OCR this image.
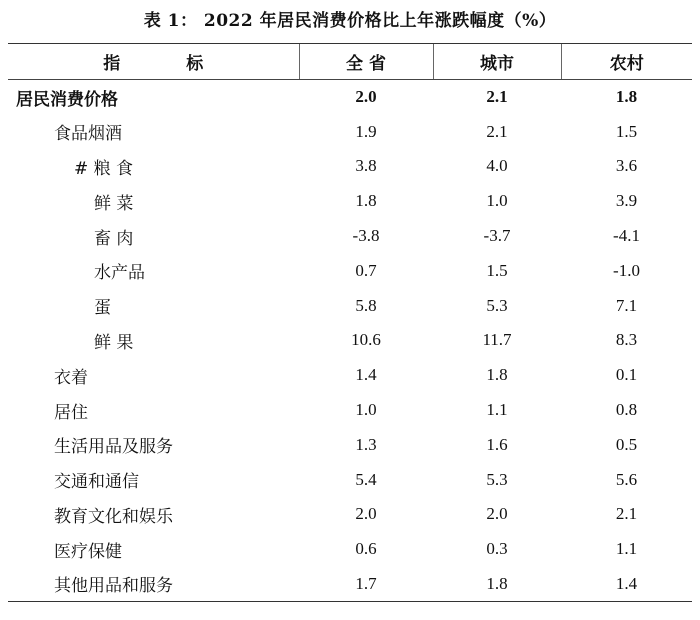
表 1： 2022 年居民消费价格比上年涨跌幅度（%）
指 标	全 省	城市	农村
居民消费价格	2.0	2.1	1.8
食品烟酒	1.9	2.1	1.5
# 粮 食	3.8	4.0	3.6
鲜 菜	1.8	1.0	3.9
畜 肉	-3.8	-3.7	-4.1
水产品	0.7	1.5	-1.0
蛋	5.8	5.3	7.1
鲜 果	10.6	11.7	8.3
衣着	1.4	1.8	0.1
居住	1.0	1.1	0.8
生活用品及服务	1.3	1.6	0.5
交通和通信	5.4	5.3	5.6
教育文化和娱乐	2.0	2.0	2.1
医疗保健	0.6	0.3	1.1
其他用品和服务	1.7	1.8	1.4
